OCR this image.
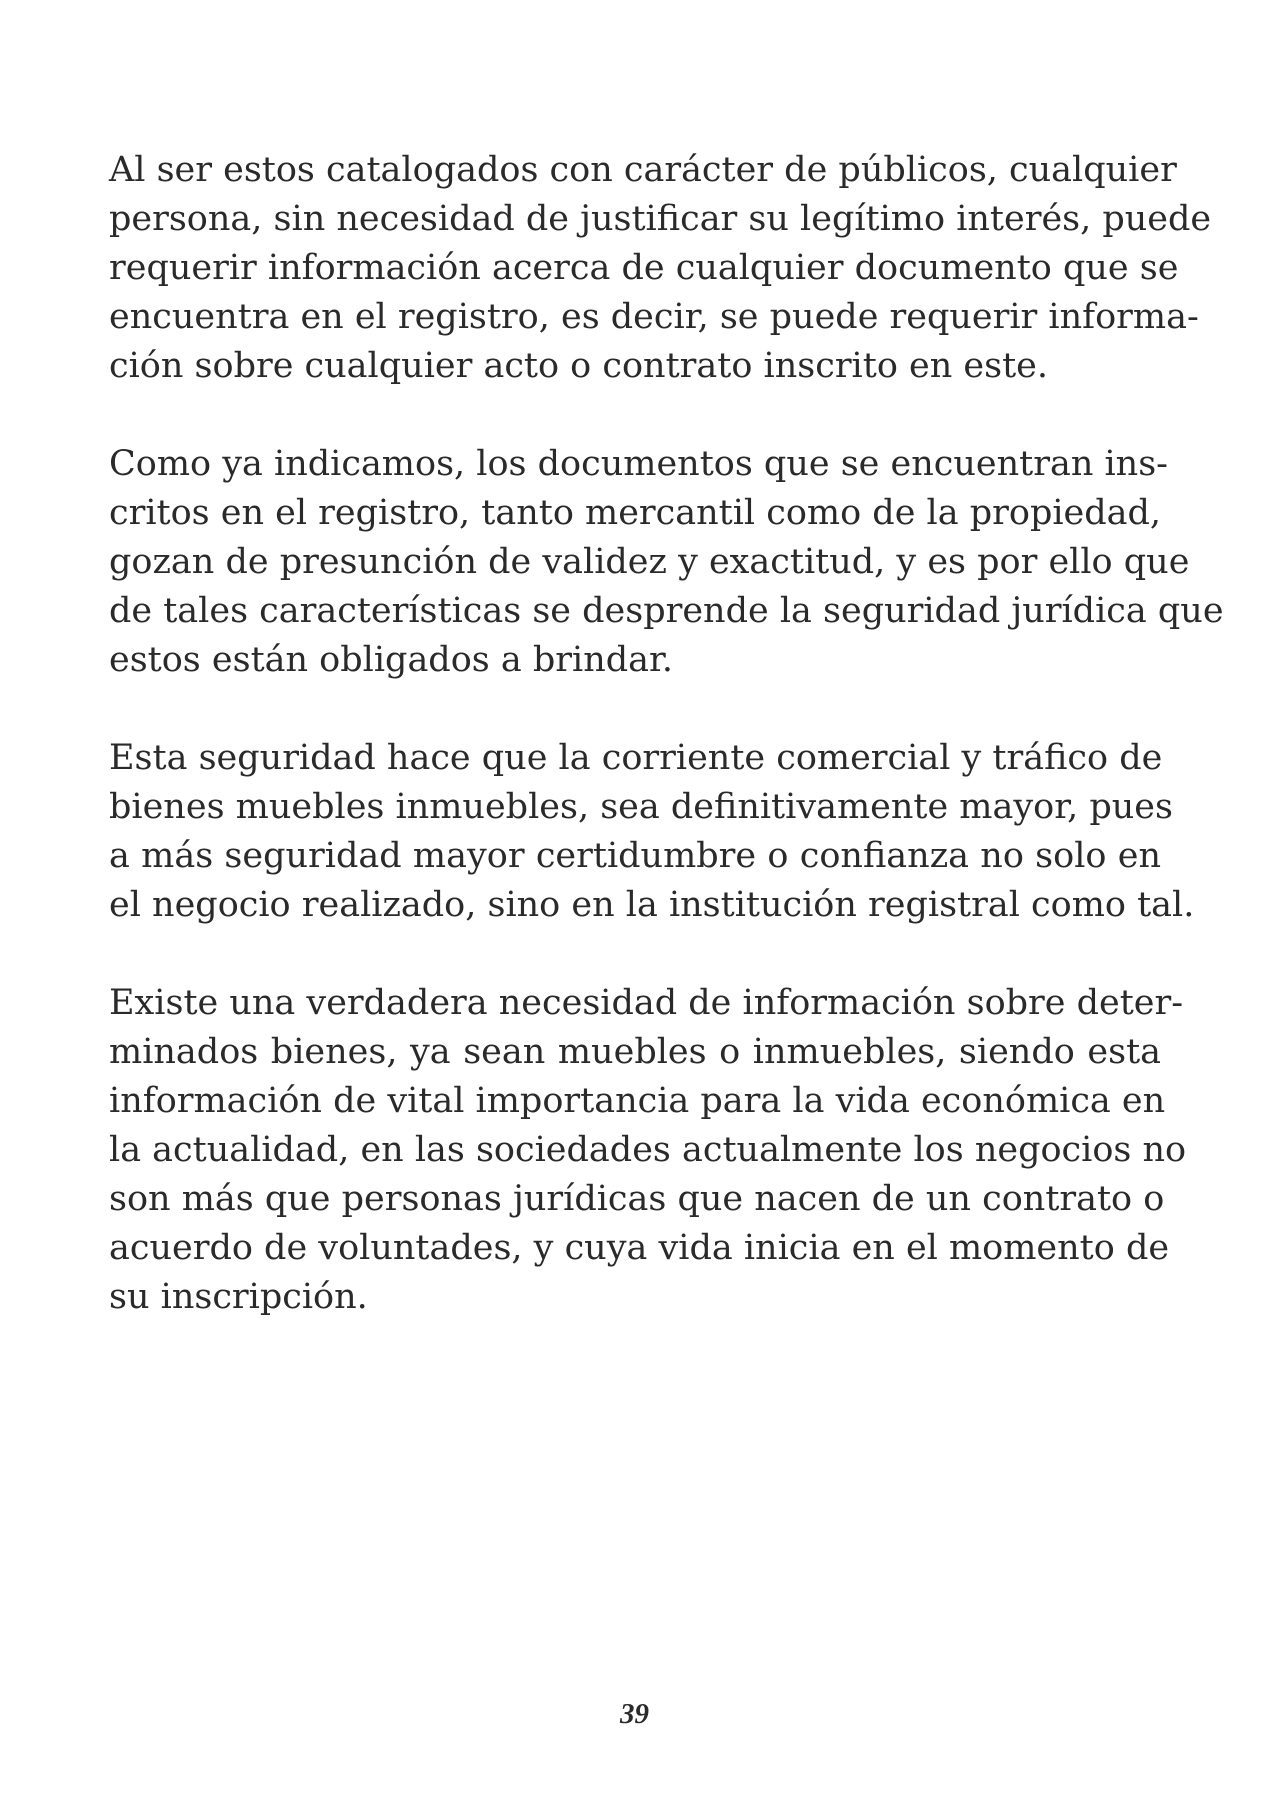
Al ser estos catalogados con carácter de públicos, cualquier
persona, sin necesidad de justificar su legítimo interés, puede
requerir información acerca de cualquier documento que se
encuentra en el registro, es decir, se puede requerir informa-
ción sobre cualquier acto o contrato inscrito en este.

Como ya indicamos, los documentos que se encuentran ins-
critos en el registro, tanto mercantil como de la propiedad,
gozan de presunción de validez y exactitud, y es por ello que
de tales características se desprende la seguridad jurídica que
estos están obligados a brindar.

Esta seguridad hace que la corriente comercial y tráfico de
bienes muebles inmuebles, sea definitivamente mayor, pues
a más seguridad mayor certidumbre o confianza no solo en
el negocio realizado, sino en la institución registral como tal.

Existe una verdadera necesidad de información sobre deter-
minados bienes, ya sean muebles o inmuebles, siendo esta
información de vital importancia para la vida económica en
la actualidad, en las sociedades actualmente los negocios no
son más que personas jurídicas que nacen de un contrato o
acuerdo de voluntades, y cuya vida inicia en el momento de
su inscripción.

39
